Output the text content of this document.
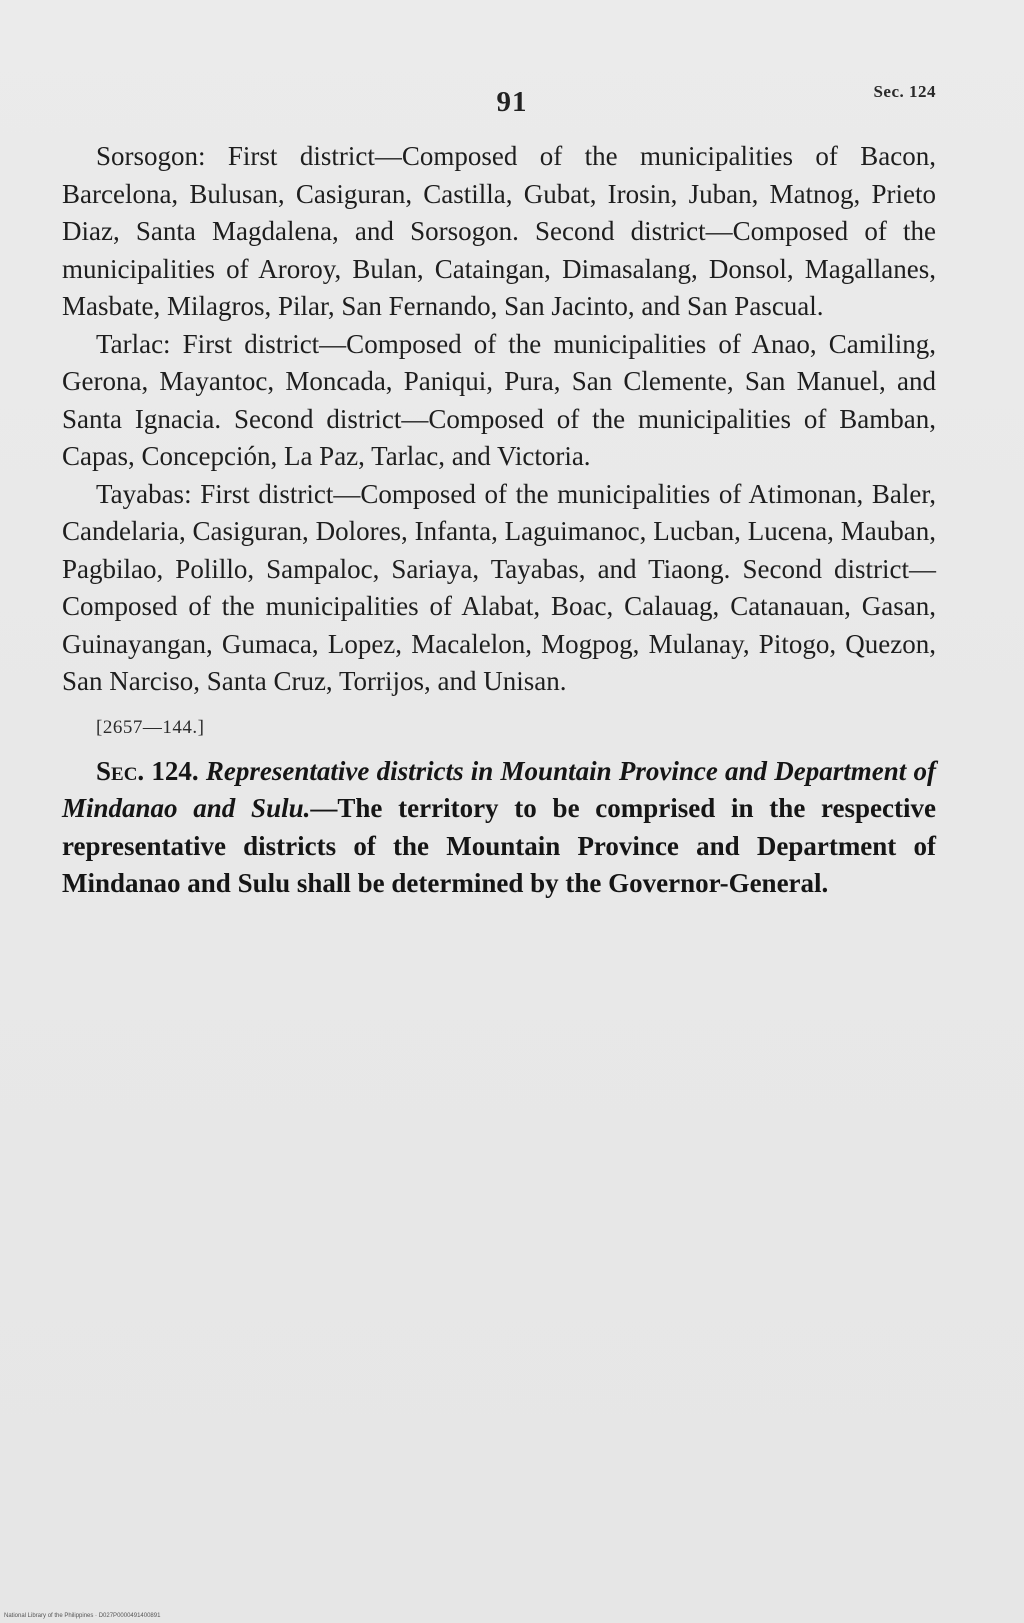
91	Sec. 124

Sorsogon: First district—Composed of the municipalities of Bacon, Barcelona, Bulusan, Casiguran, Castilla, Gubat, Irosin, Juban, Matnog, Prieto Diaz, Santa Magdalena, and Sorsogon. Second district—Composed of the municipalities of Aroroy, Bulan, Cataingan, Dimasalang, Donsol, Magallanes, Masbate, Milagros, Pilar, San Fernando, San Jacinto, and San Pascual.

Tarlac: First district—Composed of the municipalities of Anao, Camiling, Gerona, Mayantoc, Moncada, Paniqui, Pura, San Clemente, San Manuel, and Santa Ignacia. Second district—Composed of the municipalities of Bamban, Capas, Concepción, La Paz, Tarlac, and Victoria.

Tayabas: First district—Composed of the municipalities of Atimonan, Baler, Candelaria, Casiguran, Dolores, Infanta, Laguimanoc, Lucban, Lucena, Mauban, Pagbilao, Polillo, Sampaloc, Sariaya, Tayabas, and Tiaong. Second district—Composed of the municipalities of Alabat, Boac, Calauag, Catanauan, Gasan, Guinayangan, Gumaca, Lopez, Macalelon, Mogpog, Mulanay, Pitogo, Quezon, San Narciso, Santa Cruz, Torrijos, and Unisan.

[2657—144.]

Sec. 124. Representative districts in Mountain Province and Department of Mindanao and Sulu.—The territory to be comprised in the respective representative districts of the Mountain Province and Department of Mindanao and Sulu shall be determined by the Governor-General.

National Library of the Philippines · D027P0000491400891
